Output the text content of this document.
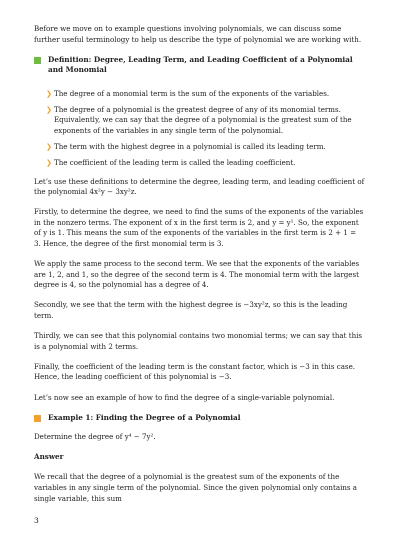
Before we move on to example questions involving polynomials, we can discuss some further useful terminology to help us describe the type of polynomial we are working with.

Definition: Degree, Leading Term, and Leading Coefficient of a Polynomial and Monomial
❯ The degree of a monomial term is the sum of the exponents of the variables.

❯ The degree of a polynomial is the greatest degree of any of its monomial terms. Equivalently, we can say that the degree of a polynomial is the greatest sum of the exponents of the variables in any single term of the polynomial.

❯ The term with the highest degree in a polynomial is called its leading term.

❯ The coefficient of the leading term is called the leading coefficient.

Let’s use these definitions to determine the degree, leading term, and leading coefficient of the polynomial 4x²y − 3xy²z.

Firstly, to determine the degree, we need to find the sums of the exponents of the variables in the nonzero terms. The exponent of x in the first term is 2, and y = y¹. So, the exponent of y is 1. This means the sum of the exponents of the variables in the first term is 2 + 1 = 3. Hence, the degree of the first monomial term is 3.

We apply the same process to the second term. We see that the exponents of the variables are 1, 2, and 1, so the degree of the second term is 4. The monomial term with the largest degree is 4, so the polynomial has a degree of 4.

Secondly, we see that the term with the highest degree is −3xy²z, so this is the leading term.

Thirdly, we can see that this polynomial contains two monomial terms; we can say that this is a polynomial with 2 terms.

Finally, the coefficient of the leading term is the constant factor, which is −3 in this case. Hence, the leading coefficient of this polynomial is −3.

Let’s now see an example of how to find the degree of a single-variable polynomial.

Example 1: Finding the Degree of a Polynomial

Determine the degree of y⁴ − 7y².

Answer

We recall that the degree of a polynomial is the greatest sum of the exponents of the variables in any single term of the polynomial. Since the given polynomial only contains a single variable, this sum

3
